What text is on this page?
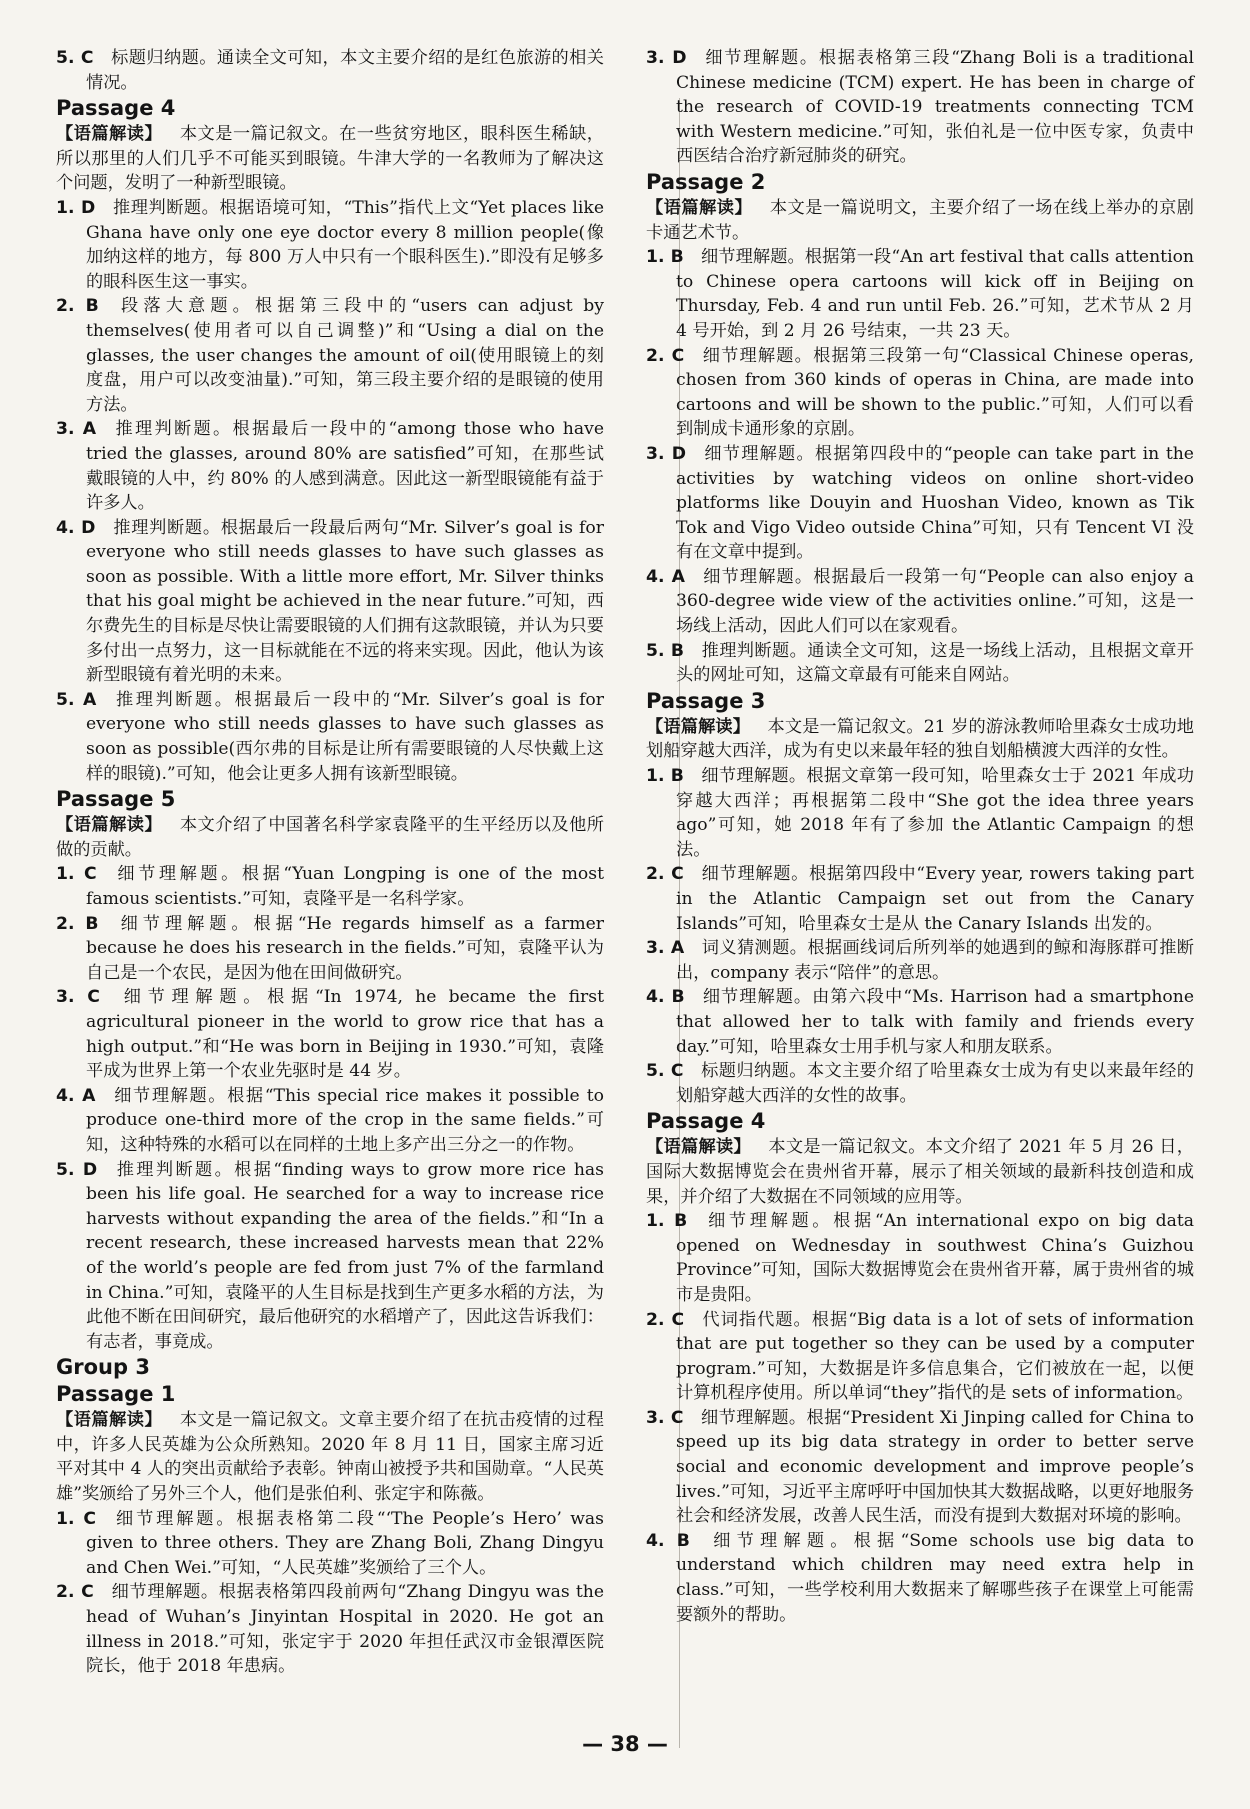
5. C  标题归纳题。通读全文可知，本文主要介绍的是红色旅游的相关情况。

Passage 4

【语篇解读】  本文是一篇记叙文。在一些贫穷地区，眼科医生稀缺，所以那里的人们几乎不可能买到眼镜。牛津大学的一名教师为了解决这个问题，发明了一种新型眼镜。

1. D  推理判断题。根据语境可知，“This”指代上文“Yet places like Ghana have only one eye doctor every 8 million people(像加纳这样的地方，每 800 万人中只有一个眼科医生).”即没有足够多的眼科医生这一事实。

2. B  段落大意题。根据第三段中的“users can adjust by themselves(使用者可以自己调整)”和“Using a dial on the glasses, the user changes the amount of oil(使用眼镜上的刻度盘，用户可以改变油量).”可知，第三段主要介绍的是眼镜的使用方法。

3. A  推理判断题。根据最后一段中的“among those who have tried the glasses, around 80% are satisfied”可知，在那些试戴眼镜的人中，约 80% 的人感到满意。因此这一新型眼镜能有益于许多人。

4. D  推理判断题。根据最后一段最后两句“Mr. Silver’s goal is for everyone who still needs glasses to have such glasses as soon as possible. With a little more effort, Mr. Silver thinks that his goal might be achieved in the near future.”可知，西尔费先生的目标是尽快让需要眼镜的人们拥有这款眼镜，并认为只要多付出一点努力，这一目标就能在不远的将来实现。因此，他认为该新型眼镜有着光明的未来。

5. A  推理判断题。根据最后一段中的“Mr. Silver’s goal is for everyone who still needs glasses to have such glasses as soon as possible(西尔弗的目标是让所有需要眼镜的人尽快戴上这样的眼镜).”可知，他会让更多人拥有该新型眼镜。

Passage 5

【语篇解读】  本文介绍了中国著名科学家袁隆平的生平经历以及他所做的贡献。

1. C  细节理解题。根据“Yuan Longping is one of the most famous scientists.”可知，袁隆平是一名科学家。

2. B  细节理解题。根据“He regards himself as a farmer because he does his research in the fields.”可知，袁隆平认为自己是一个农民，是因为他在田间做研究。

3. C  细节理解题。根据“In 1974, he became the first agricultural pioneer in the world to grow rice that has a high output.”和“He was born in Beijing in 1930.”可知，袁隆平成为世界上第一个农业先驱时是 44 岁。

4. A  细节理解题。根据“This special rice makes it possible to produce one-third more of the crop in the same fields.”可知，这种特殊的水稻可以在同样的土地上多产出三分之一的作物。

5. D  推理判断题。根据“finding ways to grow more rice has been his life goal. He searched for a way to increase rice harvests without expanding the area of the fields.”和“In a recent research, these increased harvests mean that 22% of the world’s people are fed from just 7% of the farmland in China.”可知，袁隆平的人生目标是找到生产更多水稻的方法，为此他不断在田间研究，最后他研究的水稻增产了，因此这告诉我们：有志者，事竟成。

Group 3
Passage 1

【语篇解读】  本文是一篇记叙文。文章主要介绍了在抗击疫情的过程中，许多人民英雄为公众所熟知。2020 年 8 月 11 日，国家主席习近平对其中 4 人的突出贡献给予表彰。钟南山被授予共和国勋章。“人民英雄”奖颁给了另外三个人，他们是张伯利、张定宇和陈薇。

1. C  细节理解题。根据表格第二段“‘The People’s Hero’ was given to three others. They are Zhang Boli, Zhang Dingyu and Chen Wei.”可知，“人民英雄”奖颁给了三个人。

2. C  细节理解题。根据表格第四段前两句“Zhang Dingyu was the head of Wuhan’s Jinyintan Hospital in 2020. He got an illness in 2018.”可知，张定宇于 2020 年担任武汉市金银潭医院院长，他于 2018 年患病。

3. D  细节理解题。根据表格第三段“Zhang Boli is a traditional Chinese medicine (TCM) expert. He has been in charge of the research of COVID-19 treatments connecting TCM with Western medicine.”可知，张伯礼是一位中医专家，负责中西医结合治疗新冠肺炎的研究。

Passage 2

【语篇解读】  本文是一篇说明文，主要介绍了一场在线上举办的京剧卡通艺术节。

1. B  细节理解题。根据第一段“An art festival that calls attention to Chinese opera cartoons will kick off in Beijing on Thursday, Feb. 4 and run until Feb. 26.”可知，艺术节从 2 月 4 号开始，到 2 月 26 号结束，一共 23 天。

2. C  细节理解题。根据第三段第一句“Classical Chinese operas, chosen from 360 kinds of operas in China, are made into cartoons and will be shown to the public.”可知，人们可以看到制成卡通形象的京剧。

3. D  细节理解题。根据第四段中的“people can take part in the activities by watching videos on online short-video platforms like Douyin and Huoshan Video, known as Tik Tok and Vigo Video outside China”可知，只有 Tencent VI 没有在文章中提到。

4. A  细节理解题。根据最后一段第一句“People can also enjoy a 360-degree wide view of the activities online.”可知，这是一场线上活动，因此人们可以在家观看。

5. B  推理判断题。通读全文可知，这是一场线上活动，且根据文章开头的网址可知，这篇文章最有可能来自网站。

Passage 3

【语篇解读】  本文是一篇记叙文。21 岁的游泳教师哈里森女士成功地划船穿越大西洋，成为有史以来最年轻的独自划船横渡大西洋的女性。

1. B  细节理解题。根据文章第一段可知，哈里森女士于 2021 年成功穿越大西洋；再根据第二段中“She got the idea three years ago”可知，她 2018 年有了参加 the Atlantic Campaign 的想法。

2. C  细节理解题。根据第四段中“Every year, rowers taking part in the Atlantic Campaign set out from the Canary Islands”可知，哈里森女士是从 the Canary Islands 出发的。

3. A  词义猜测题。根据画线词后所列举的她遇到的鲸和海豚群可推断出，company 表示“陪伴”的意思。

4. B  细节理解题。由第六段中“Ms. Harrison had a smartphone that allowed her to talk with family and friends every day.”可知，哈里森女士用手机与家人和朋友联系。

5. C  标题归纳题。本文主要介绍了哈里森女士成为有史以来最年经的划船穿越大西洋的女性的故事。

Passage 4

【语篇解读】  本文是一篇记叙文。本文介绍了 2021 年 5 月 26 日，国际大数据博览会在贵州省开幕，展示了相关领域的最新科技创造和成果，并介绍了大数据在不同领域的应用等。

1. B  细节理解题。根据“An international expo on big data opened on Wednesday in southwest China’s Guizhou Province”可知，国际大数据博览会在贵州省开幕，属于贵州省的城市是贵阳。

2. C  代词指代题。根据“Big data is a lot of sets of information that are put together so they can be used by a computer program.”可知，大数据是许多信息集合，它们被放在一起，以便计算机程序使用。所以单词“they”指代的是 sets of information。

3. C  细节理解题。根据“President Xi Jinping called for China to speed up its big data strategy in order to better serve social and economic development and improve people’s lives.”可知，习近平主席呼吁中国加快其大数据战略，以更好地服务社会和经济发展，改善人民生活，而没有提到大数据对环境的影响。

4. B  细节理解题。根据“Some schools use big data to understand which children may need extra help in class.”可知，一些学校利用大数据来了解哪些孩子在课堂上可能需要额外的帮助。

— 38 —
